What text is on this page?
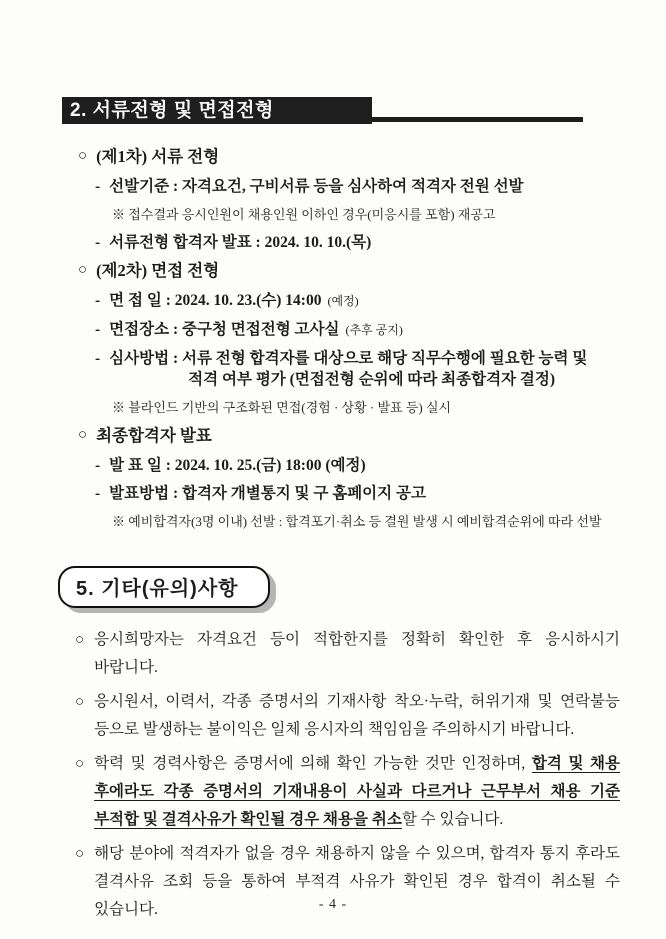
2. 서류전형 및 면접전형
○ (제1차) 서류 전형
- 선발기준 : 자격요건, 구비서류 등을 심사하여 적격자 전원 선발
※ 접수결과 응시인원이 채용인원 이하인 경우(미응시를 포함) 재공고
- 서류전형 합격자 발표 : 2024. 10. 10.(목)
○ (제2차) 면접 전형
- 면 접 일 : 2024. 10. 23.(수) 14:00 (예정)
- 면접장소 : 중구청 면접전형 고사실 (추후 공지)
- 심사방법 : 서류 전형 합격자를 대상으로 해당 직무수행에 필요한 능력 및
적격 여부 평가 (면접전형 순위에 따라 최종합격자 결정)
※ 블라인드 기반의 구조화된 면접(경험 · 상황 · 발표 등) 실시
○ 최종합격자 발표
- 발 표 일 : 2024. 10. 25.(금) 18:00 (예정)
- 발표방법 : 합격자 개별통지 및 구 홈페이지 공고
※ 예비합격자(3명 이내) 선발 : 합격포기·취소 등 결원 발생 시 예비합격순위에 따라 선발
5. 기타(유의)사항
○ 응시희망자는 자격요건 등이 적합한지를 정확히 확인한 후 응시하시기 바랍니다.
○ 응시원서, 이력서, 각종 증명서의 기재사항 착오·누락, 허위기재 및 연락불능 등으로 발생하는 불이익은 일체 응시자의 책임임을 주의하시기 바랍니다.
○ 학력 및 경력사항은 증명서에 의해 확인 가능한 것만 인정하며, 합격 및 채용 후에라도 각종 증명서의 기재내용이 사실과 다르거나 근무부서 채용 기준 부적합 및 결격사유가 확인될 경우 채용을 취소할 수 있습니다.
○ 해당 분야에 적격자가 없을 경우 채용하지 않을 수 있으며, 합격자 통지 후라도 결격사유 조회 등을 통하여 부적격 사유가 확인된 경우 합격이 취소될 수 있습니다.	- 4 -
